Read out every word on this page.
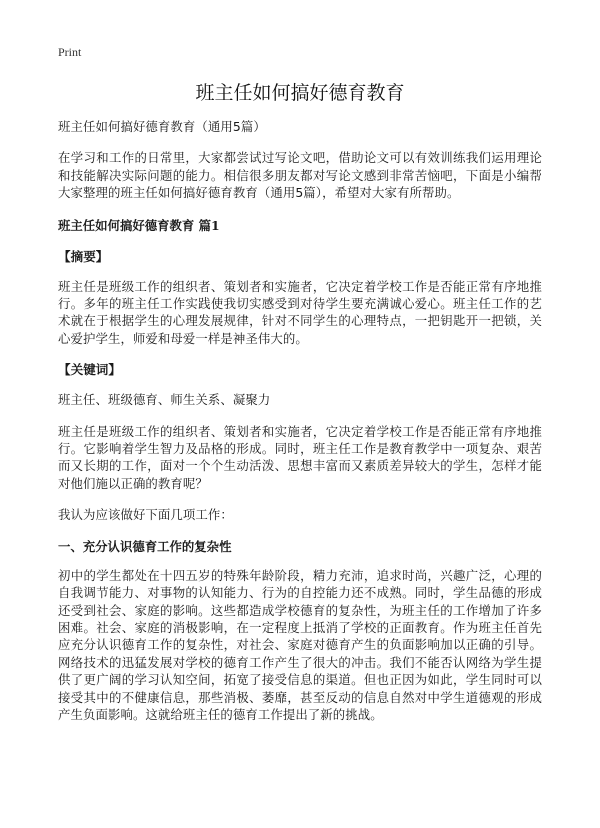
Print
班主任如何搞好德育教育

班主任如何搞好德育教育（通用5篇）

在学习和工作的日常里，大家都尝试过写论文吧，借助论文可以有效训练我们运用理论和技能解决实际问题的能力。相信很多朋友都对写论文感到非常苦恼吧，下面是小编帮大家整理的班主任如何搞好德育教育（通用5篇），希望对大家有所帮助。

班主任如何搞好德育教育 篇1
【摘要】

班主任是班级工作的组织者、策划者和实施者，它决定着学校工作是否能正常有序地推行。多年的班主任工作实践使我切实感受到对待学生要充满诚心爱心。班主任工作的艺术就在于根据学生的心理发展规律，针对不同学生的心理特点，一把钥匙开一把锁，关心爱护学生，师爱和母爱一样是神圣伟大的。

【关键词】

班主任、班级德育、师生关系、凝聚力

班主任是班级工作的组织者、策划者和实施者，它决定着学校工作是否能正常有序地推行。它影响着学生智力及品格的形成。同时，班主任工作是教育教学中一项复杂、艰苦而又长期的工作，面对一个个生动活泼、思想丰富而又素质差异较大的学生，怎样才能对他们施以正确的教育呢？

我认为应该做好下面几项工作：

一、充分认识德育工作的复杂性

初中的学生都处在十四五岁的特殊年龄阶段，精力充沛，追求时尚，兴趣广泛，心理的自我调节能力、对事物的认知能力、行为的自控能力还不成熟。同时，学生品德的形成还受到社会、家庭的影响。这些都造成学校德育的复杂性，为班主任的工作增加了许多困难。社会、家庭的消极影响，在一定程度上抵消了学校的正面教育。作为班主任首先应充分认识德育工作的复杂性，对社会、家庭对德育产生的负面影响加以正确的引导。网络技术的迅猛发展对学校的德育工作产生了很大的冲击。我们不能否认网络为学生提供了更广阔的学习认知空间，拓宽了接受信息的渠道。但也正因为如此，学生同时可以接受其中的不健康信息，那些消极、萎靡，甚至反动的信息自然对中学生道德观的形成产生负面影响。这就给班主任的德育工作提出了新的挑战。
